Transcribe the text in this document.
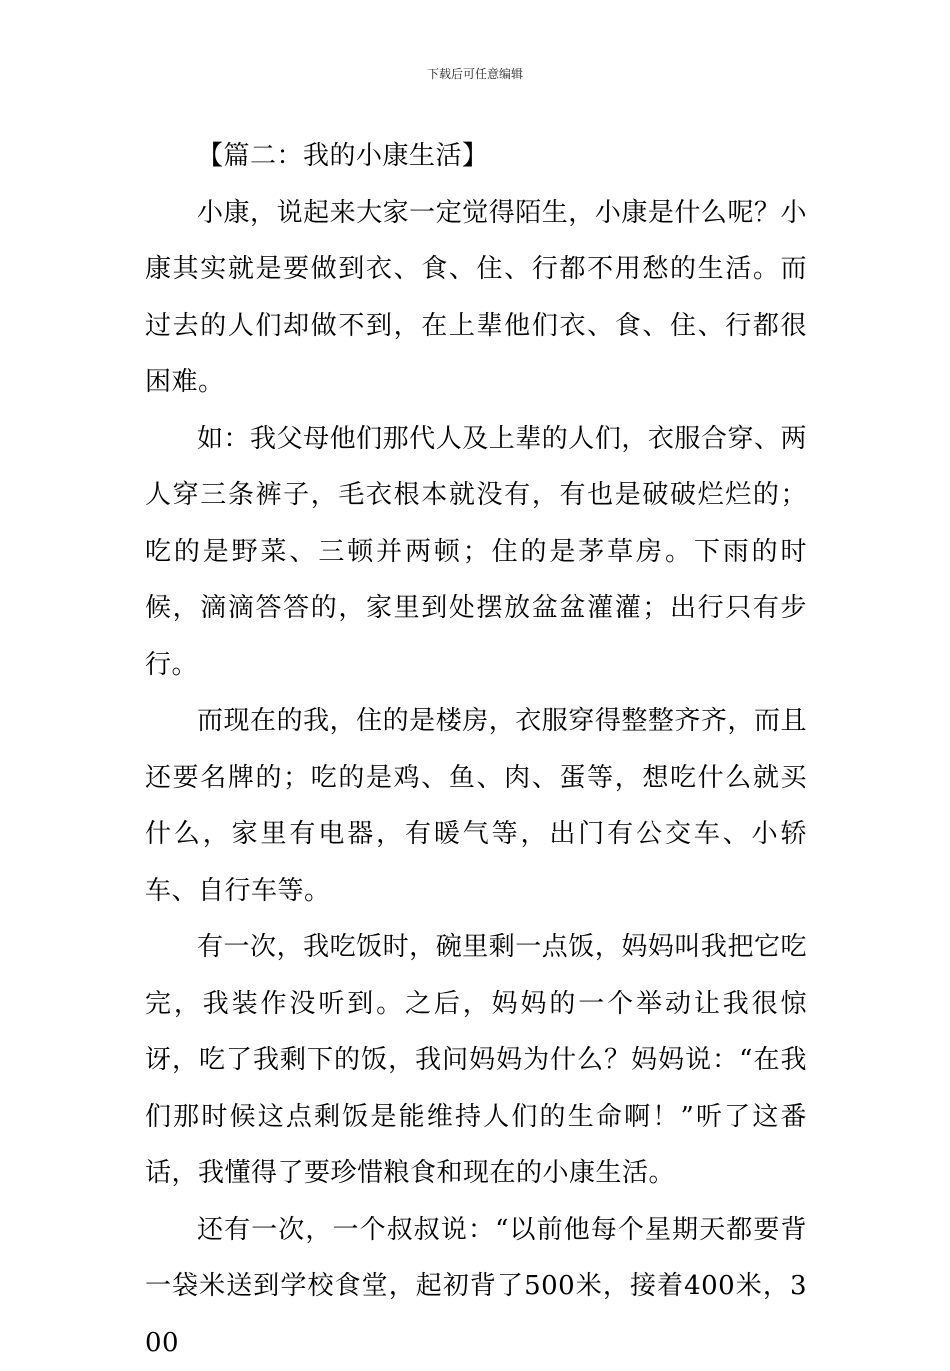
下载后可任意编辑

【篇二：我的小康生活】

小康，说起来大家一定觉得陌生，小康是什么呢？小康其实就是要做到衣、食、住、行都不用愁的生活。而过去的人们却做不到，在上辈他们衣、食、住、行都很困难。

如：我父母他们那代人及上辈的人们，衣服合穿、两人穿三条裤子，毛衣根本就没有，有也是破破烂烂的；吃的是野菜、三顿并两顿；住的是茅草房。下雨的时候，滴滴答答的，家里到处摆放盆盆灌灌；出行只有步行。

而现在的我，住的是楼房，衣服穿得整整齐齐，而且还要名牌的；吃的是鸡、鱼、肉、蛋等，想吃什么就买什么，家里有电器，有暖气等，出门有公交车、小轿车、自行车等。

有一次，我吃饭时，碗里剩一点饭，妈妈叫我把它吃完，我装作没听到。之后，妈妈的一个举动让我很惊讶，吃了我剩下的饭，我问妈妈为什么？妈妈说：“在我们那时候这点剩饭是能维持人们的生命啊！”听了这番话，我懂得了要珍惜粮食和现在的小康生活。

还有一次，一个叔叔说：“以前他每个星期天都要背一袋米送到学校食堂，起初背了500米，接着400米，300
